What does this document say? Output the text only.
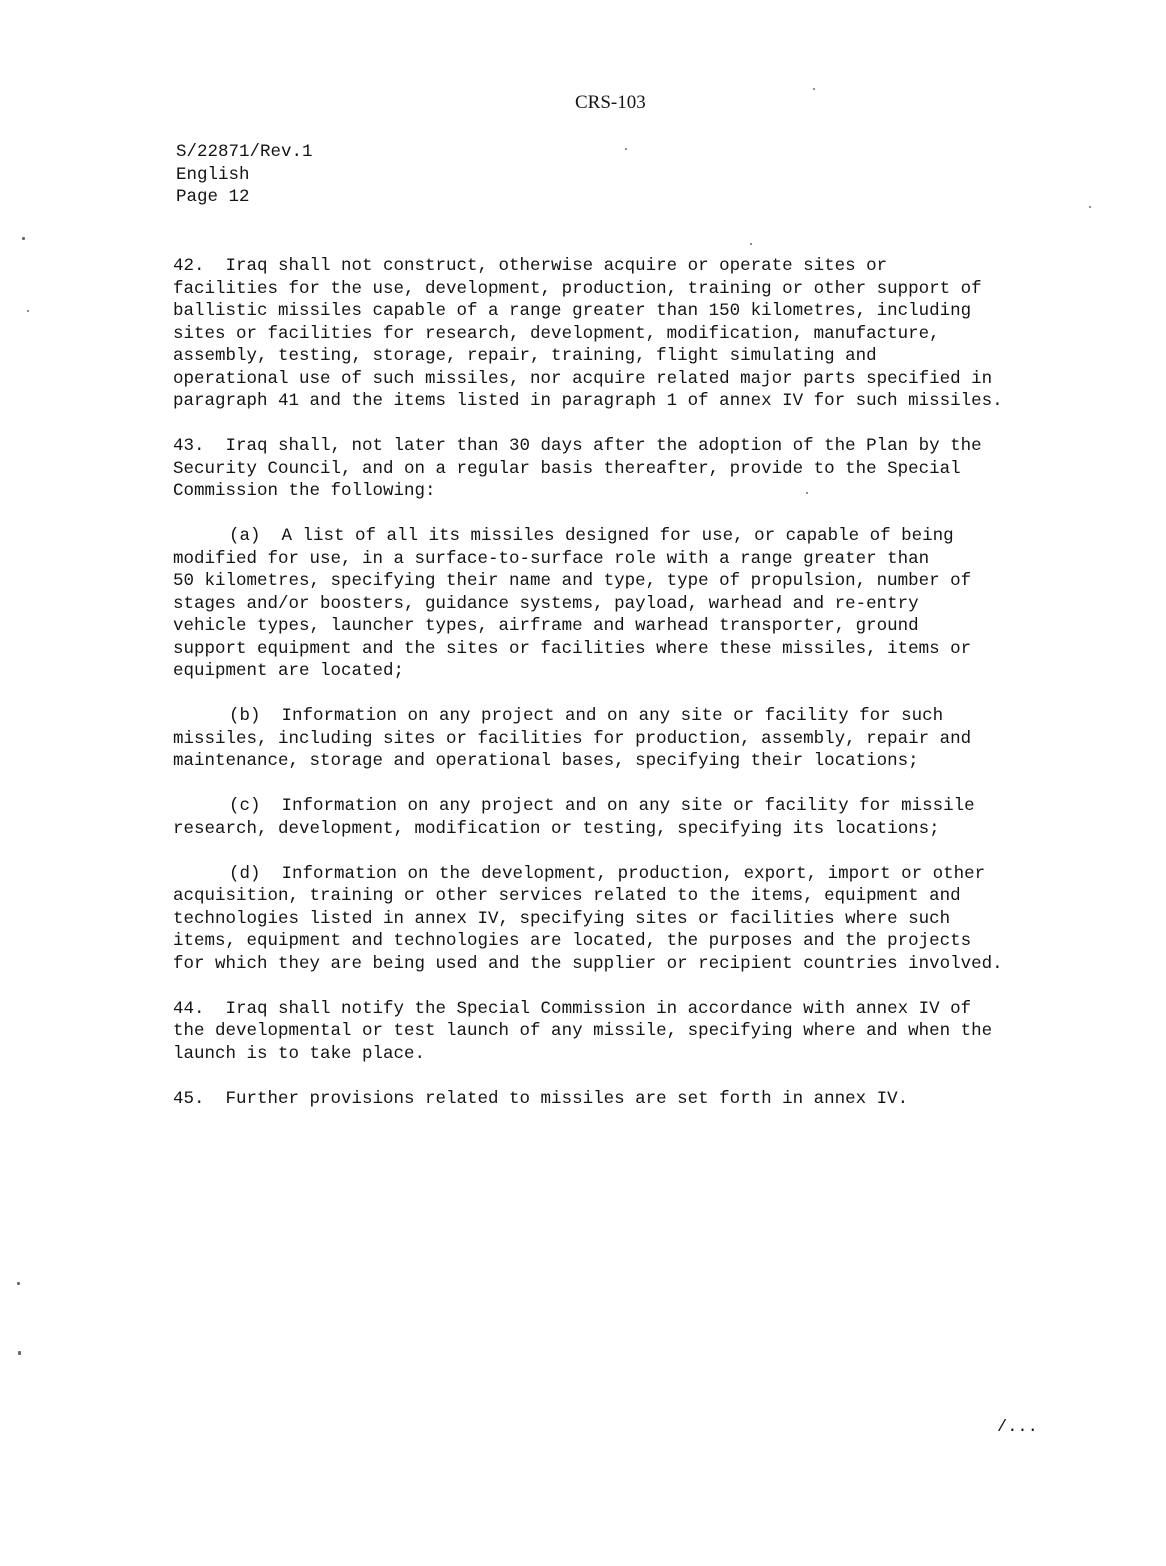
CRS-103
S/22871/Rev.1
English
Page 12
42.  Iraq shall not construct, otherwise acquire or operate sites or
facilities for the use, development, production, training or other support of
ballistic missiles capable of a range greater than 150 kilometres, including
sites or facilities for research, development, modification, manufacture,
assembly, testing, storage, repair, training, flight simulating and
operational use of such missiles, nor acquire related major parts specified in
paragraph 41 and the items listed in paragraph 1 of annex IV for such missiles.
43.  Iraq shall, not later than 30 days after the adoption of the Plan by the
Security Council, and on a regular basis thereafter, provide to the Special
Commission the following:
(a)  A list of all its missiles designed for use, or capable of being
modified for use, in a surface-to-surface role with a range greater than
50 kilometres, specifying their name and type, type of propulsion, number of
stages and/or boosters, guidance systems, payload, warhead and re-entry
vehicle types, launcher types, airframe and warhead transporter, ground
support equipment and the sites or facilities where these missiles, items or
equipment are located;
(b)  Information on any project and on any site or facility for such
missiles, including sites or facilities for production, assembly, repair and
maintenance, storage and operational bases, specifying their locations;
(c)  Information on any project and on any site or facility for missile
research, development, modification or testing, specifying its locations;
(d)  Information on the development, production, export, import or other
acquisition, training or other services related to the items, equipment and
technologies listed in annex IV, specifying sites or facilities where such
items, equipment and technologies are located, the purposes and the projects
for which they are being used and the supplier or recipient countries involved.
44.  Iraq shall notify the Special Commission in accordance with annex IV of
the developmental or test launch of any missile, specifying where and when the
launch is to take place.
45.  Further provisions related to missiles are set forth in annex IV.
/...
